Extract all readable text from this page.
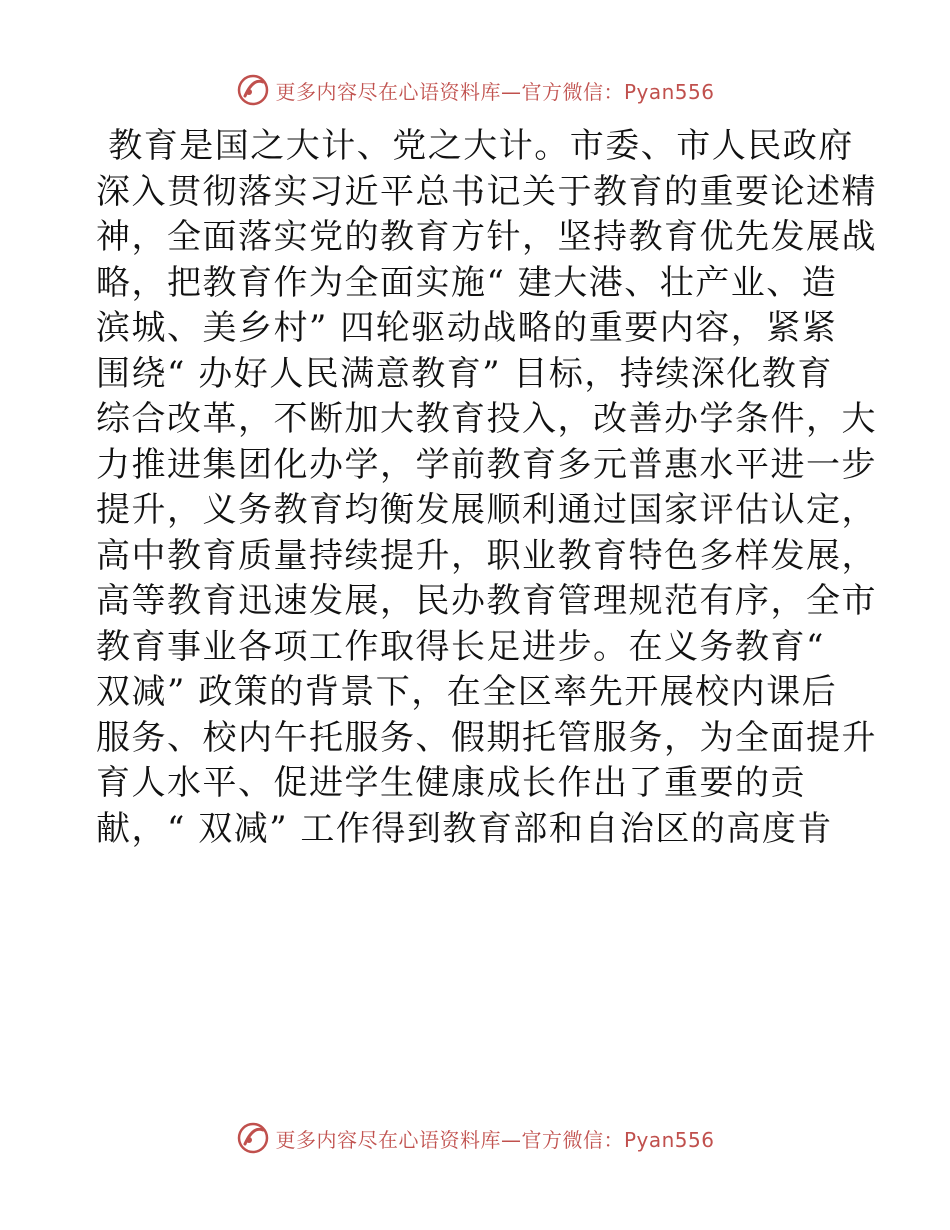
更多内容尽在心语资料库—官方微信：Pyan556
教育是国之大计、党之大计。市委、市人民政府
深入贯彻落实习近平总书记关于教育的重要论述精
神，全面落实党的教育方针，坚持教育优先发展战
略，把教育作为全面实施“ 建大港、壮产业、造
滨城、美乡村” 四轮驱动战略的重要内容，紧紧
围绕“ 办好人民满意教育” 目标，持续深化教育
综合改革，不断加大教育投入，改善办学条件，大
力推进集团化办学，学前教育多元普惠水平进一步
提升，义务教育均衡发展顺利通过国家评估认定，
高中教育质量持续提升，职业教育特色多样发展，
高等教育迅速发展，民办教育管理规范有序，全市
教育事业各项工作取得长足进步。在义务教育“
双减” 政策的背景下，在全区率先开展校内课后
服务、校内午托服务、假期托管服务，为全面提升
育人水平、促进学生健康成长作出了重要的贡
献，“ 双减” 工作得到教育部和自治区的高度肯
更多内容尽在心语资料库—官方微信：Pyan556
